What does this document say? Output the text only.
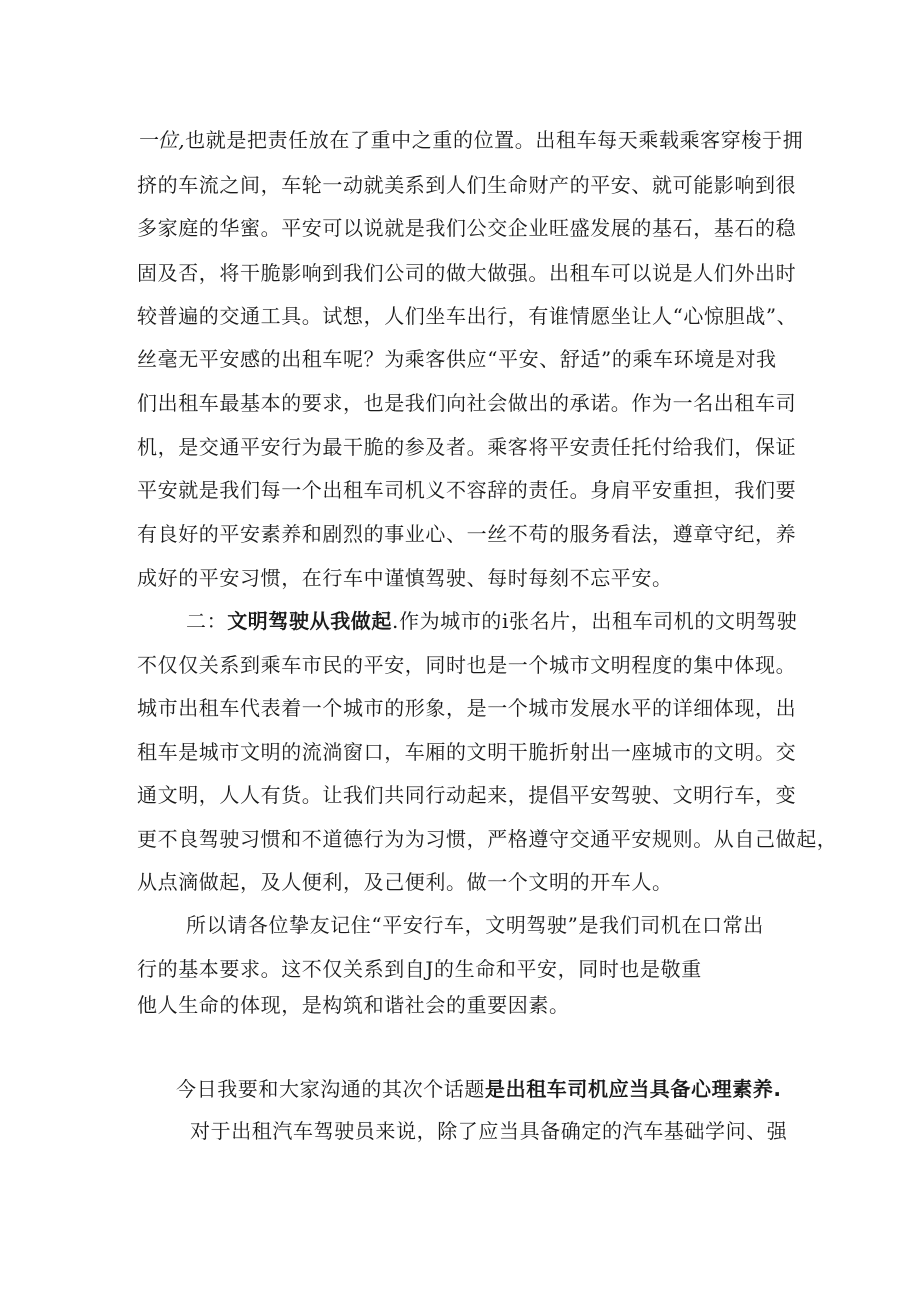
一位,也就是把责任放在了重中之重的位置。出租车每天乘载乘客穿梭于拥
挤的车流之间，车轮一动就美系到人们生命财产的平安、就可能影响到很
多家庭的华蜜。平安可以说就是我们公交企业旺盛发展的基石，基石的稳
固及否，将干脆影响到我们公司的做大做强。出租车可以说是人们外出时
较普遍的交通工具。试想，人们坐车出行，有谁情愿坐让人“心惊胆战”、
丝毫无平安感的出租车呢？为乘客供应“平安、舒适”的乘车环境是对我
们出租车最基本的要求，也是我们向社会做出的承诺。作为一名出租车司
机，是交通平安行为最干脆的参及者。乘客将平安责任托付给我们，保证
平安就是我们每一个出租车司机义不容辞的责任。身肩平安重担，我们要
有良好的平安素养和剧烈的事业心、一丝不苟的服务看法，遵章守纪，养
成好的平安习惯，在行车中谨慎驾驶、每时每刻不忘平安。
二：文明驾驶从我做起.作为城市的i张名片，出租车司机的文明驾驶
不仅仅关系到乘车市民的平安，同时也是一个城市文明程度的集中体现。
城市出租车代表着一个城市的形象，是一个城市发展水平的详细体现，出
租车是城市文明的流淌窗口，车厢的文明干脆折射出一座城市的文明。交
通文明，人人有货。让我们共同行动起来，提倡平安驾驶、文明行车，变
更不良驾驶习惯和不道德行为为习惯，严格遵守交通平安规则。从自己做起，
从点滴做起，及人便利，及己便利。做一个文明的开车人。
所以请各位挚友记住“平安行车，文明驾驶”是我们司机在口常出
行的基本要求。这不仅关系到自J的生命和平安，同时也是敬重
他人生命的体现，是构筑和谐社会的重要因素。
今日我要和大家沟通的其次个话题是出租车司机应当具备心理素养.
对于出租汽车驾驶员来说，除了应当具备确定的汽车基础学问、强
